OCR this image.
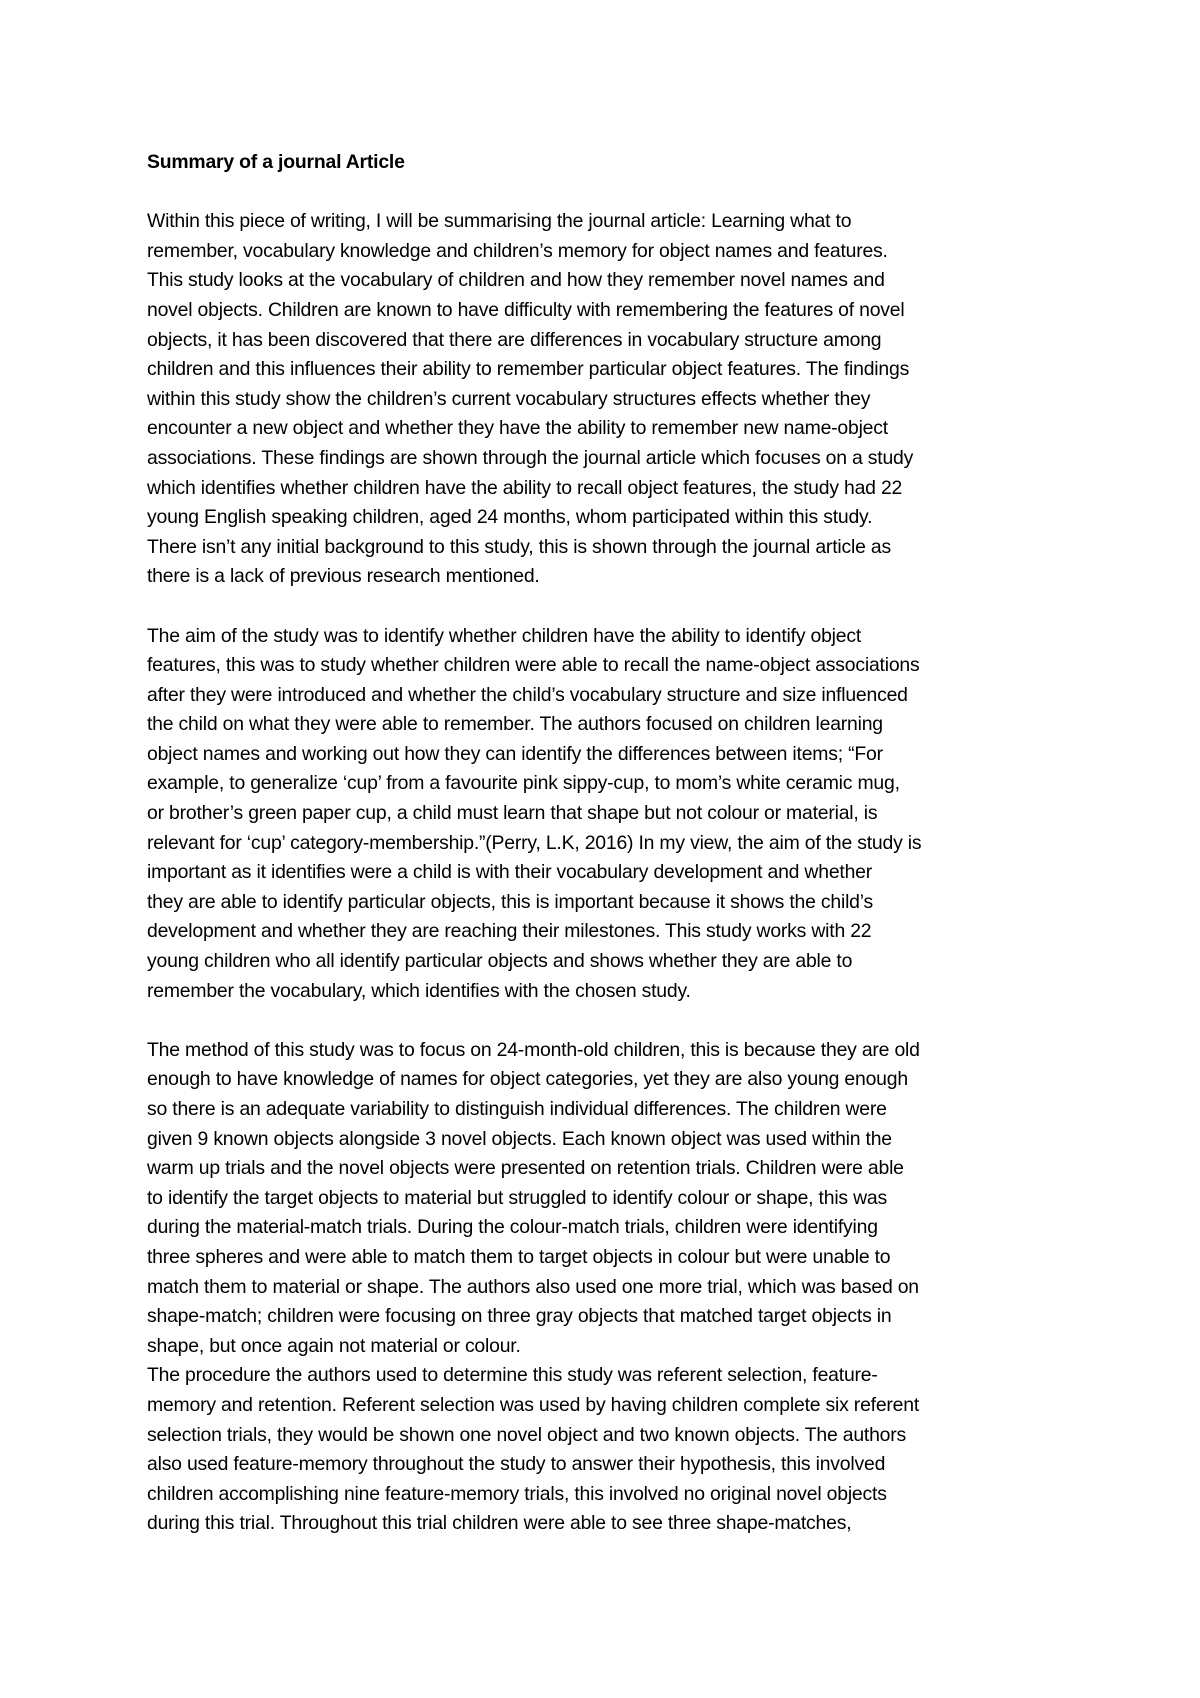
Summary of a journal Article
Within this piece of writing, I will be summarising the journal article: Learning what to
remember, vocabulary knowledge and children’s memory for object names and features.
This study looks at the vocabulary of children and how they remember novel names and
novel objects. Children are known to have difficulty with remembering the features of novel
objects, it has been discovered that there are differences in vocabulary structure among
children and this influences their ability to remember particular object features. The findings
within this study show the children’s current vocabulary structures effects whether they
encounter a new object and whether they have the ability to remember new name-object
associations. These findings are shown through the journal article which focuses on a study
which identifies whether children have the ability to recall object features, the study had 22
young English speaking children, aged 24 months, whom participated within this study.
There isn’t any initial background to this study, this is shown through the journal article as
there is a lack of previous research mentioned.
The aim of the study was to identify whether children have the ability to identify object
features, this was to study whether children were able to recall the name-object associations
after they were introduced and whether the child’s vocabulary structure and size influenced
the child on what they were able to remember. The authors focused on children learning
object names and working out how they can identify the differences between items; “For
example, to generalize ‘cup’ from a favourite pink sippy-cup, to mom’s white ceramic mug,
or brother’s green paper cup, a child must learn that shape but not colour or material, is
relevant for ‘cup’ category-membership.”(Perry, L.K, 2016) In my view, the aim of the study is
important as it identifies were a child is with their vocabulary development and whether
they are able to identify particular objects, this is important because it shows the child’s
development and whether they are reaching their milestones. This study works with 22
young children who all identify particular objects and shows whether they are able to
remember the vocabulary, which identifies with the chosen study.
The method of this study was to focus on 24-month-old children, this is because they are old
enough to have knowledge of names for object categories, yet they are also young enough
so there is an adequate variability to distinguish individual differences. The children were
given 9 known objects alongside 3 novel objects. Each known object was used within the
warm up trials and the novel objects were presented on retention trials. Children were able
to identify the target objects to material but struggled to identify colour or shape, this was
during the material-match trials. During the colour-match trials, children were identifying
three spheres and were able to match them to target objects in colour but were unable to
match them to material or shape. The authors also used one more trial, which was based on
shape-match; children were focusing on three gray objects that matched target objects in
shape, but once again not material or colour.
The procedure the authors used to determine this study was referent selection, feature-
memory and retention. Referent selection was used by having children complete six referent
selection trials, they would be shown one novel object and two known objects. The authors
also used feature-memory throughout the study to answer their hypothesis, this involved
children accomplishing nine feature-memory trials, this involved no original novel objects
during this trial. Throughout this trial children were able to see three shape-matches,
